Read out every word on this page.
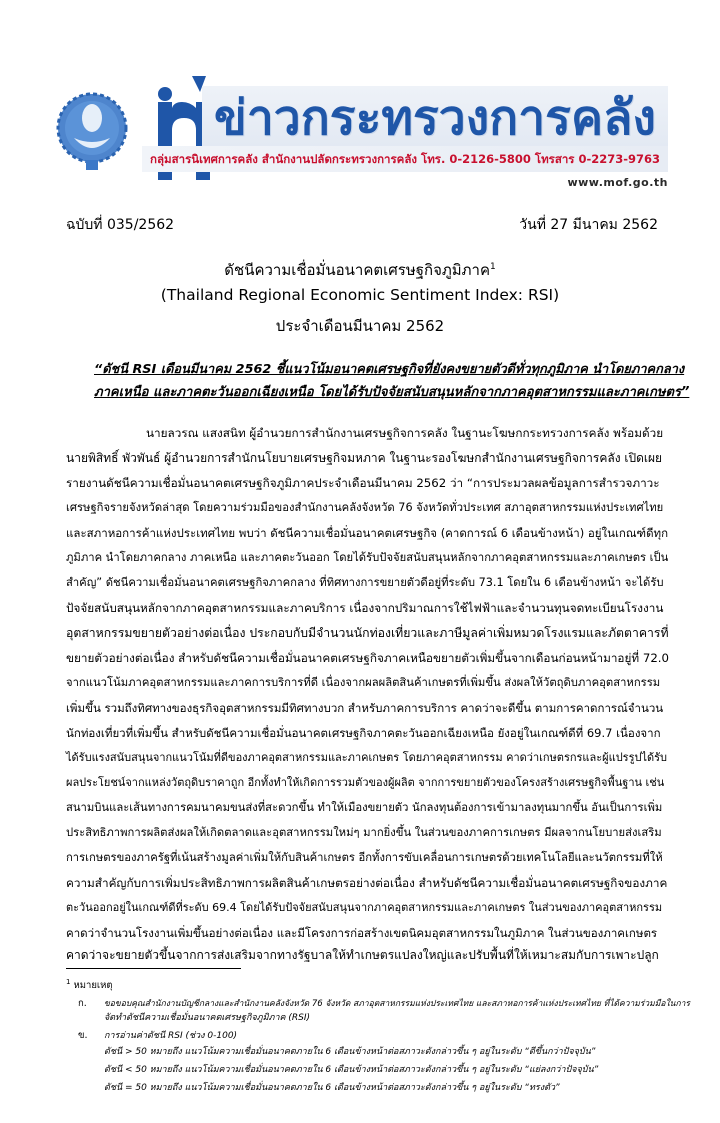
ข่าวกระทรวงการคลัง
กลุ่มสารนิเทศการคลัง สำนักงานปลัดกระทรวงการคลัง โทร. 0-2126-5800 โทรสาร 0-2273-9763
www.mof.go.th
ฉบับที่ 035/2562	วันที่ 27 มีนาคม 2562
ดัชนีความเชื่อมั่นอนาคตเศรษฐกิจภูมิภาค$^1$
(Thailand Regional Economic Sentiment Index: RSI)
ประจำเดือนมีนาคม 2562
“ดัชนี RSI เดือนมีนาคม 2562 ชี้แนวโน้มอนาคตเศรษฐกิจที่ยังคงขยายตัวดีทั่วทุกภูมิภาค นำโดยภาคกลาง
ภาคเหนือ และภาคตะวันออกเฉียงเหนือ โดยได้รับปัจจัยสนับสนุนหลักจากภาคอุตสาหกรรมและภาคเกษตร”
นายลวรณ แสงสนิท ผู้อำนวยการสำนักงานเศรษฐกิจการคลัง ในฐานะโฆษกกระทรวงการคลัง พร้อมด้วย
นายพิสิทธิ์ พัวพันธ์ ผู้อำนวยการสำนักนโยบายเศรษฐกิจมหภาค ในฐานะรองโฆษกสำนักงานเศรษฐกิจการคลัง เปิดเผย
รายงานดัชนีความเชื่อมั่นอนาคตเศรษฐกิจภูมิภาคประจำเดือนมีนาคม 2562 ว่า “การประมวลผลข้อมูลการสำรวจภาวะ
เศรษฐกิจรายจังหวัดล่าสุด โดยความร่วมมือของสำนักงานคลังจังหวัด 76 จังหวัดทั่วประเทศ สภาอุตสาหกรรมแห่งประเทศไทย
และสภาหอการค้าแห่งประเทศไทย พบว่า ดัชนีความเชื่อมั่นอนาคตเศรษฐกิจ (คาดการณ์ 6 เดือนข้างหน้า) อยู่ในเกณฑ์ดีทุก
ภูมิภาค นำโดยภาคกลาง ภาคเหนือ และภาคตะวันออก โดยได้รับปัจจัยสนับสนุนหลักจากภาคอุตสาหกรรมและภาคเกษตร เป็น
สำคัญ” ดัชนีความเชื่อมั่นอนาคตเศรษฐกิจภาคกลาง ที่ทิศทางการขยายตัวดีอยู่ที่ระดับ 73.1 โดยใน 6 เดือนข้างหน้า จะได้รับ
ปัจจัยสนับสนุนหลักจากภาคอุตสาหกรรมและภาคบริการ เนื่องจากปริมาณการใช้ไฟฟ้าและจำนวนทุนจดทะเบียนโรงงาน
อุตสาหกรรมขยายตัวอย่างต่อเนื่อง ประกอบกับมีจำนวนนักท่องเที่ยวและภาษีมูลค่าเพิ่มหมวดโรงแรมและภัตตาคารที่
ขยายตัวอย่างต่อเนื่อง สำหรับดัชนีความเชื่อมั่นอนาคตเศรษฐกิจภาคเหนือขยายตัวเพิ่มขึ้นจากเดือนก่อนหน้ามาอยู่ที่ 72.0
จากแนวโน้มภาคอุตสาหกรรมและภาคการบริการที่ดี เนื่องจากผลผลิตสินค้าเกษตรที่เพิ่มขึ้น ส่งผลให้วัตถุดิบภาคอุตสาหกรรม
เพิ่มขึ้น รวมถึงทิศทางของธุรกิจอุตสาหกรรมมีทิศทางบวก สำหรับภาคการบริการ คาดว่าจะดีขึ้น ตามการคาดการณ์จำนวน
นักท่องเที่ยวที่เพิ่มขึ้น สำหรับดัชนีความเชื่อมั่นอนาคตเศรษฐกิจภาคตะวันออกเฉียงเหนือ ยังอยู่ในเกณฑ์ดีที่ 69.7 เนื่องจาก
ได้รับแรงสนับสนุนจากแนวโน้มที่ดีของภาคอุตสาหกรรมและภาคเกษตร โดยภาคอุตสาหกรรม คาดว่าเกษตรกรและผู้แปรรูปได้รับ
ผลประโยชน์จากแหล่งวัตถุดิบราคาถูก อีกทั้งทำให้เกิดการรวมตัวของผู้ผลิต จากการขยายตัวของโครงสร้างเศรษฐกิจพื้นฐาน เช่น
สนามบินและเส้นทางการคมนาคมขนส่งที่สะดวกขึ้น ทำให้เมืองขยายตัว นักลงทุนต้องการเข้ามาลงทุนมากขึ้น อันเป็นการเพิ่ม
ประสิทธิภาพการผลิตส่งผลให้เกิดตลาดและอุตสาหกรรมใหม่ๆ มากยิ่งขึ้น ในส่วนของภาคการเกษตร มีผลจากนโยบายส่งเสริม
การเกษตรของภาครัฐที่เน้นสร้างมูลค่าเพิ่มให้กับสินค้าเกษตร อีกทั้งการขับเคลื่อนการเกษตรด้วยเทคโนโลยีและนวัตกรรมที่ให้
ความสำคัญกับการเพิ่มประสิทธิภาพการผลิตสินค้าเกษตรอย่างต่อเนื่อง สำหรับดัชนีความเชื่อมั่นอนาคตเศรษฐกิจของภาค
ตะวันออกอยู่ในเกณฑ์ดีที่ระดับ 69.4 โดยได้รับปัจจัยสนับสนุนจากภาคอุตสาหกรรมและภาคเกษตร ในส่วนของภาคอุตสาหกรรม
คาดว่าจำนวนโรงงานเพิ่มขึ้นอย่างต่อเนื่อง และมีโครงการก่อสร้างเขตนิคมอุตสาหกรรมในภูมิภาค ในส่วนของภาคเกษตร
คาดว่าจะขยายตัวขึ้นจากการส่งเสริมจากทางรัฐบาลให้ทำเกษตรแปลงใหญ่และปรับพื้นที่ให้เหมาะสมกับการเพาะปลูก
$^1$ หมายเหตุ
ก. ขอขอบคุณสำนักงานบัญชีกลางและสำนักงานคลังจังหวัด 76 จังหวัด สภาอุตสาหกรรมแห่งประเทศไทย และสภาหอการค้าแห่งประเทศไทย ที่ได้ความร่วมมือในการ
จัดทำดัชนีความเชื่อมั่นอนาคตเศรษฐกิจภูมิภาค (RSI)
ข. การอ่านค่าดัชนี RSI (ช่วง 0-100)
ดัชนี > 50 หมายถึง แนวโน้มความเชื่อมั่นอนาคตภายใน 6 เดือนข้างหน้าต่อสภาวะดังกล่าวขึ้น ๆ อยู่ในระดับ “ดีขึ้นกว่าปัจจุบัน”
ดัชนี < 50 หมายถึง แนวโน้มความเชื่อมั่นอนาคตภายใน 6 เดือนข้างหน้าต่อสภาวะดังกล่าวขึ้น ๆ อยู่ในระดับ “แย่ลงกว่าปัจจุบัน”
ดัชนี = 50 หมายถึง แนวโน้มความเชื่อมั่นอนาคตภายใน 6 เดือนข้างหน้าต่อสภาวะดังกล่าวขึ้น ๆ อยู่ในระดับ “ทรงตัว”
